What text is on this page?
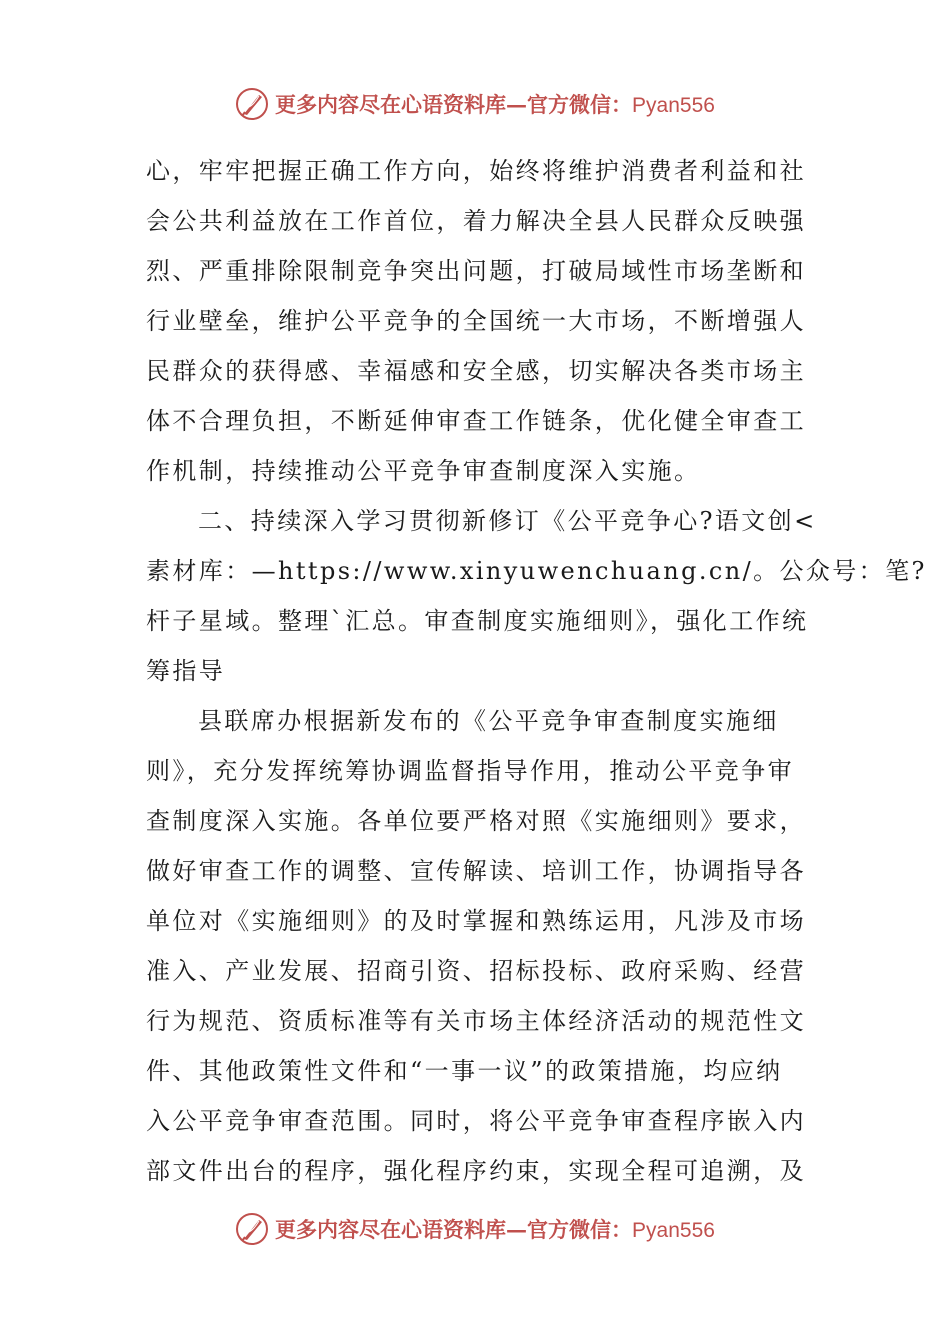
更多内容尽在心语资料库—官方微信：Pyan556
心，牢牢把握正确工作方向，始终将维护消费者利益和社
会公共利益放在工作首位，着力解决全县人民群众反映强
烈、严重排除限制竞争突出问题，打破局域性市场垄断和
行业壁垒，维护公平竞争的全国统一大市场，不断增强人
民群众的获得感、幸福感和安全感，切实解决各类市场主
体不合理负担，不断延伸审查工作链条，优化健全审查工
作机制，持续推动公平竞争审查制度深入实施。
二、持续深入学习贯彻新修订《公平竞争心?语文创<
素材库：—https://www.xinyuwenchuang.cn/。公众号：笔?
杆子星域。整理`汇总。审查制度实施细则》，强化工作统
筹指导
县联席办根据新发布的《公平竞争审查制度实施细
则》，充分发挥统筹协调监督指导作用，推动公平竞争审
查制度深入实施。各单位要严格对照《实施细则》要求，
做好审查工作的调整、宣传解读、培训工作，协调指导各
单位对《实施细则》的及时掌握和熟练运用，凡涉及市场
准入、产业发展、招商引资、招标投标、政府采购、经营
行为规范、资质标准等有关市场主体经济活动的规范性文
件、其他政策性文件和“一事一议”的政策措施，均应纳
入公平竞争审查范围。同时，将公平竞争审查程序嵌入内
部文件出台的程序，强化程序约束，实现全程可追溯，及
更多内容尽在心语资料库—官方微信：Pyan556
